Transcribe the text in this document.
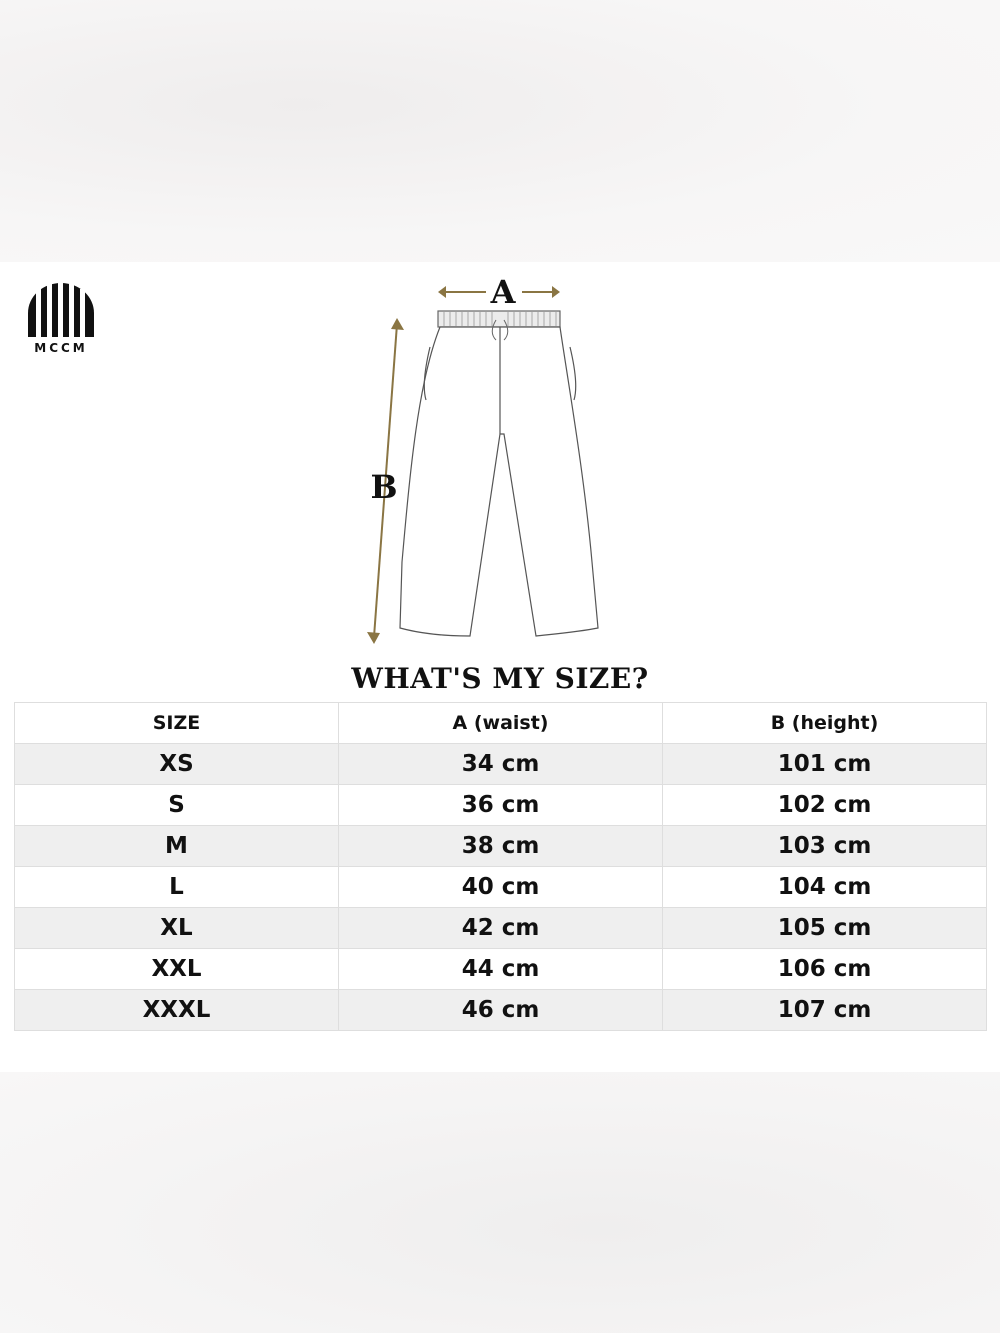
MCCM
A
B
WHAT'S MY SIZE?
SIZE	A (waist)	B (height)
XS	34 cm	101 cm
S	36 cm	102 cm
M	38 cm	103 cm
L	40 cm	104 cm
XL	42 cm	105 cm
XXL	44 cm	106 cm
XXXL	46 cm	107 cm
